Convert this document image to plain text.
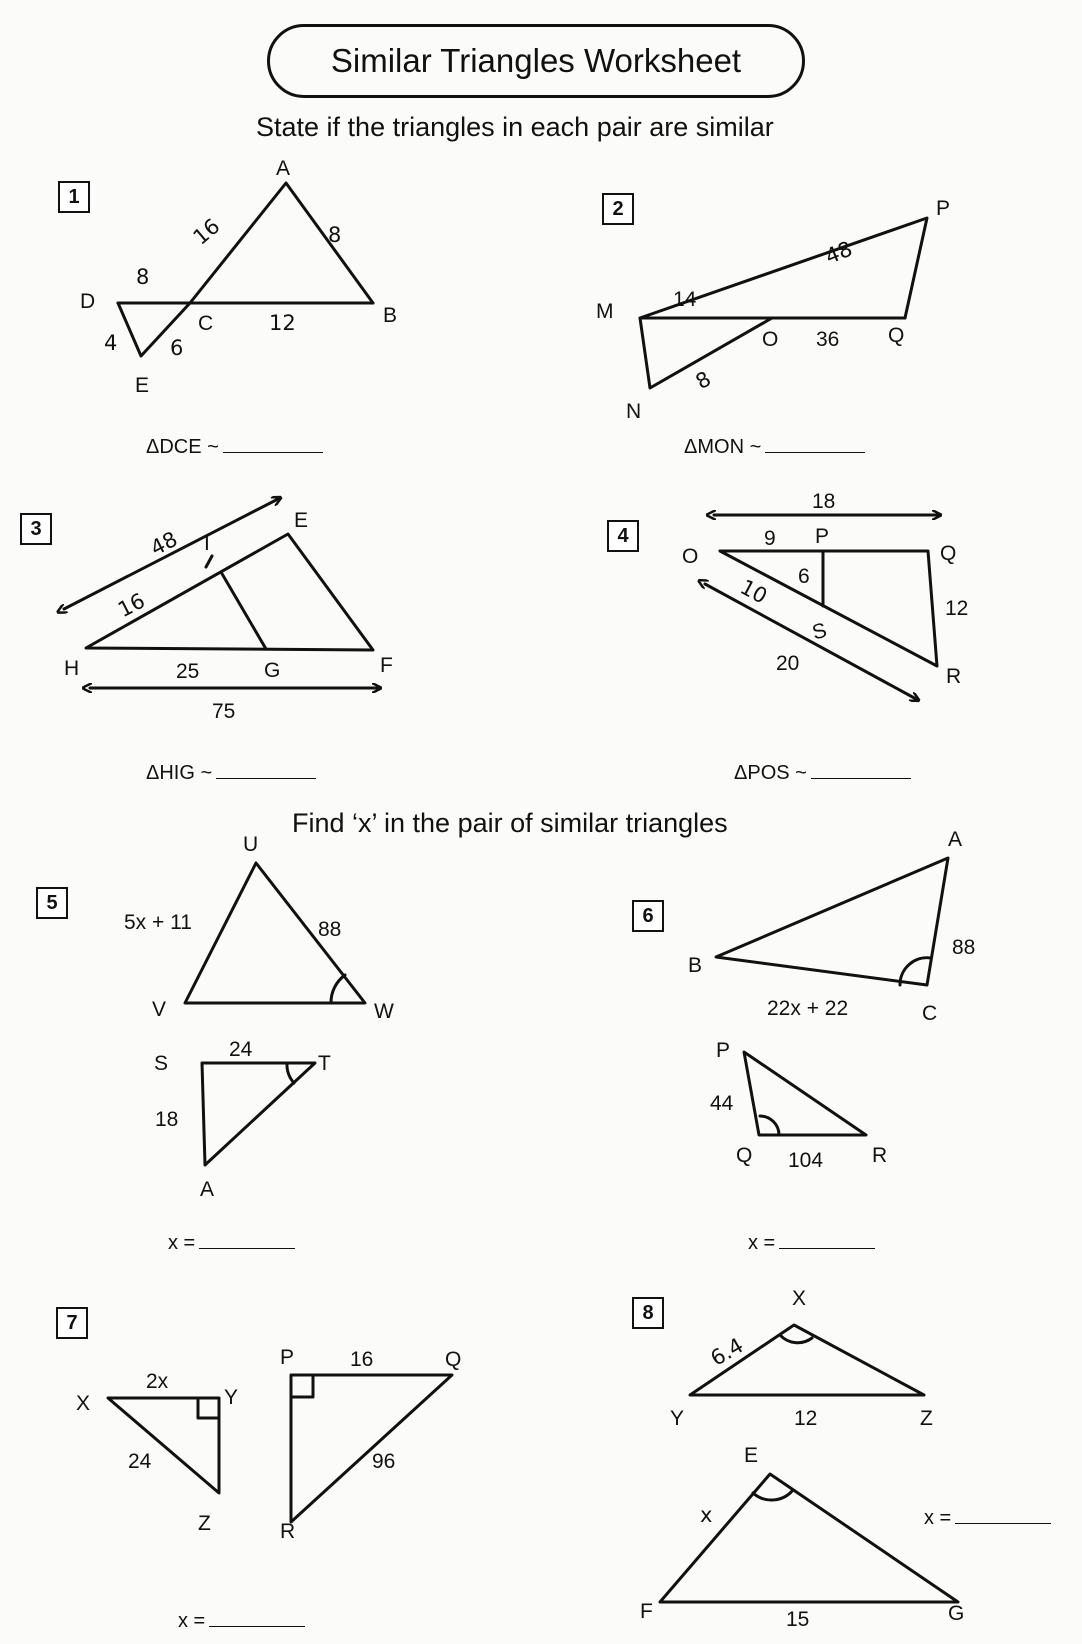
Similar Triangles Worksheet
State if the triangles in each pair are similar
Find ‘x’ in the pair of similar triangles
1
2
3	4
5
6
7	8
ΔDCE ~	ΔMON ~
ΔHIG ~	ΔPOS ~
x =	x =
x =
x =
A
B
C
D
E
16	8
8
12
4	6
P
M
O	Q
N
48
14
36
8
E
I
H	G	F
48
16
25
75
O
P
Q
S
R
18
9
6
10	12
20
U
V	W
S	T
A
5x + 11	88
24
18
A
B
C
P
Q	R
88
22x + 22
44
104
X	Y
Z
P	Q
R
2x
24
16
96
X
Y	Z
E
F	G
6.4
12
x
15
